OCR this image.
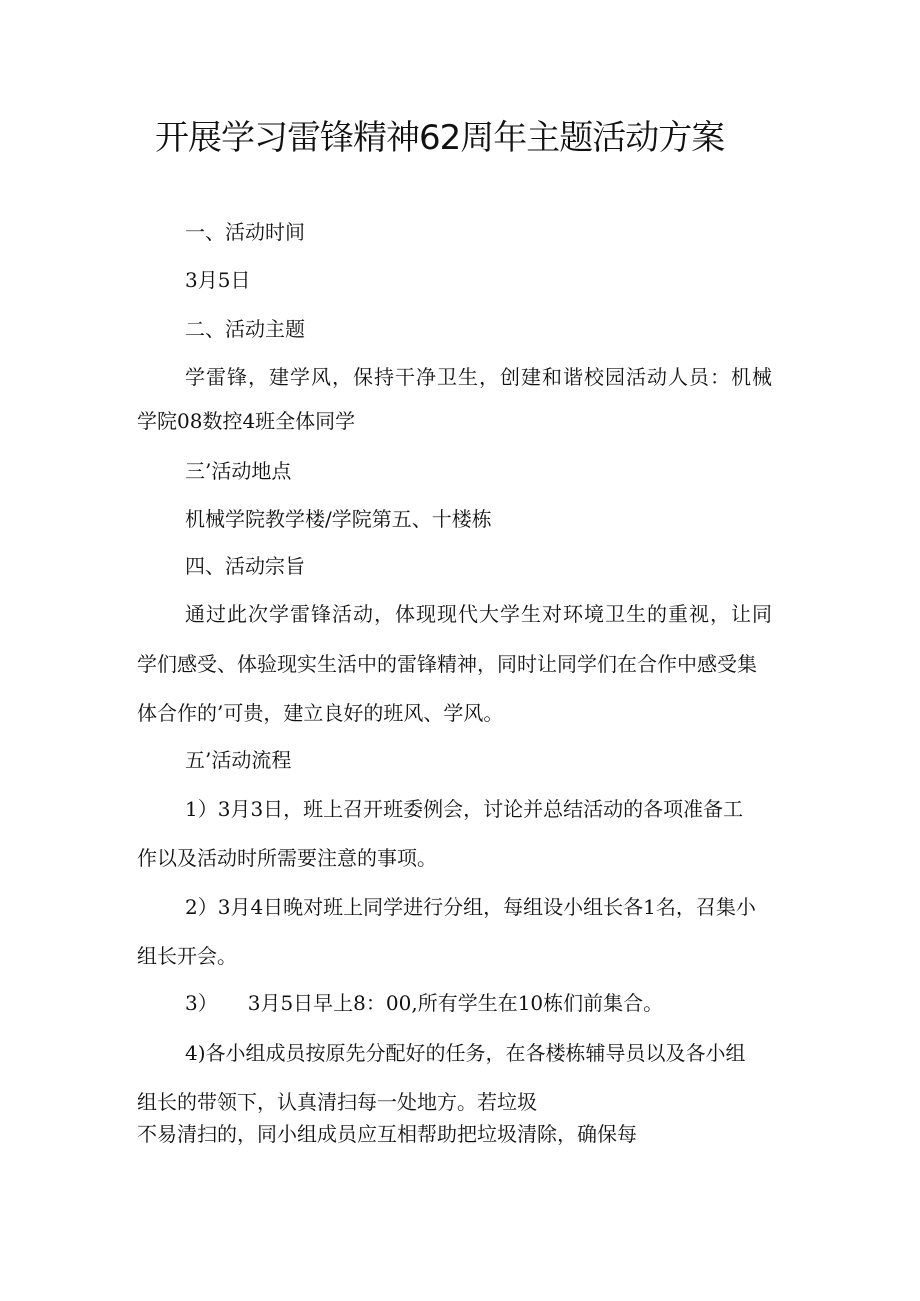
开展学习雷锋精神62周年主题活动方案

一、活动时间

3月5日

二、活动主题

学雷锋，建学风，保持干净卫生，创建和谐校园活动人员：机械

学院08数控4班全体同学

三’活动地点

机械学院教学楼/学院第五、十楼栋

四、活动宗旨

通过此次学雷锋活动，体现现代大学生对环境卫生的重视，让同

学们感受、体验现实生活中的雷锋精神，同时让同学们在合作中感受集

体合作的’可贵，建立良好的班风、学风。

五’活动流程

1）3月3日，班上召开班委例会，讨论并总结活动的各项准备工

作以及活动时所需要注意的事项。

2）3月4日晚对班上同学进行分组，每组设小组长各1名，召集小

组长开会。

3）　　3月5日早上8：00,所有学生在10栋们前集合。

4)各小组成员按原先分配好的任务，在各楼栋辅导员以及各小组

组长的带领下，认真清扫每一处地方。若垃圾

不易清扫的，同小组成员应互相帮助把垃圾清除，确保每
